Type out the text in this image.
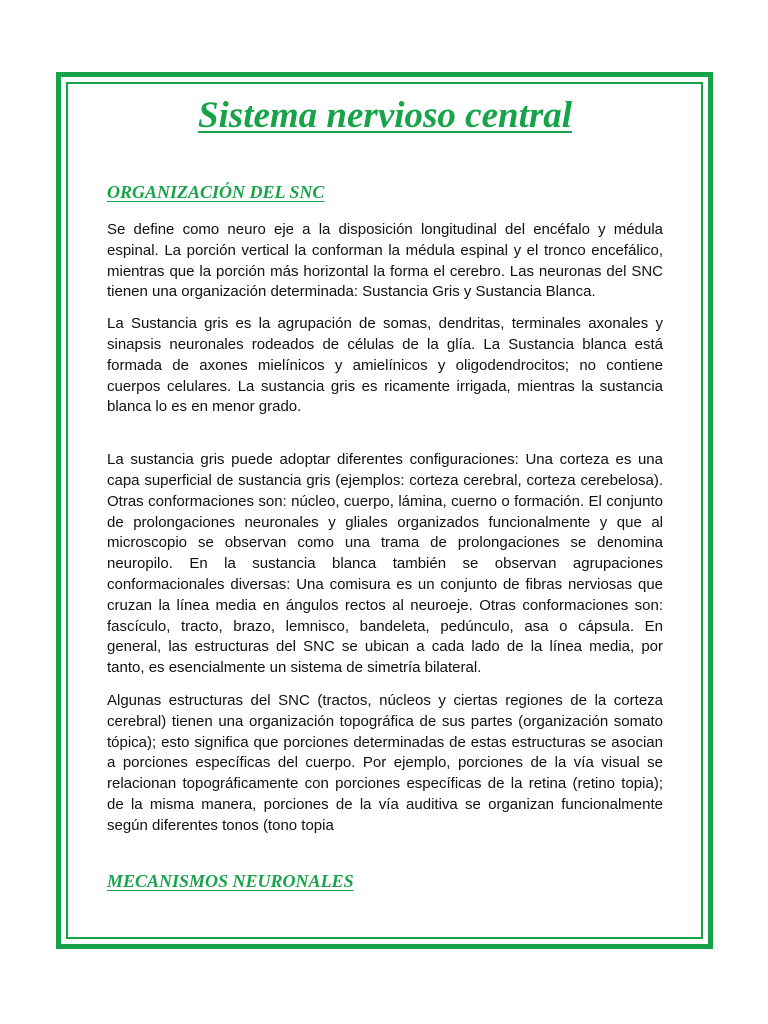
Sistema nervioso central
ORGANIZACIÓN DEL SNC

Se define como neuro eje a la disposición longitudinal del encéfalo y médula espinal. La porción vertical la conforman la médula espinal y el tronco encefálico, mientras que la porción más horizontal la forma el cerebro. Las neuronas del SNC tienen una organización determinada: Sustancia Gris y Sustancia Blanca.

La Sustancia gris es la agrupación de somas, dendritas, terminales axonales y sinapsis neuronales rodeados de células de la glía. La Sustancia blanca está formada de axones mielínicos y amielínicos y oligodendrocitos; no contiene cuerpos celulares. La sustancia gris es ricamente irrigada, mientras la sustancia blanca lo es en menor grado.

La sustancia gris puede adoptar diferentes configuraciones: Una corteza es una capa superficial de sustancia gris (ejemplos: corteza cerebral, corteza cerebelosa). Otras conformaciones son: núcleo, cuerpo, lámina, cuerno o formación. El conjunto de prolongaciones neuronales y gliales organizados funcionalmente y que al microscopio se observan como una trama de prolongaciones se denomina neuropilo. En la sustancia blanca también se observan agrupaciones conformacionales diversas: Una comisura es un conjunto de fibras nerviosas que cruzan la línea media en ángulos rectos al neuroeje. Otras conformaciones son: fascículo, tracto, brazo, lemnisco, bandeleta, pedúnculo, asa o cápsula. En general, las estructuras del SNC se ubican a cada lado de la línea media, por tanto, es esencialmente un sistema de simetría bilateral.

Algunas estructuras del SNC (tractos, núcleos y ciertas regiones de la corteza cerebral) tienen una organización topográfica de sus partes (organización somato tópica); esto significa que porciones determinadas de estas estructuras se asocian a porciones específicas del cuerpo. Por ejemplo, porciones de la vía visual se relacionan topográficamente con porciones específicas de la retina (retino topia); de la misma manera, porciones de la vía auditiva se organizan funcionalmente según diferentes tonos (tono topia

MECANISMOS NEURONALES
